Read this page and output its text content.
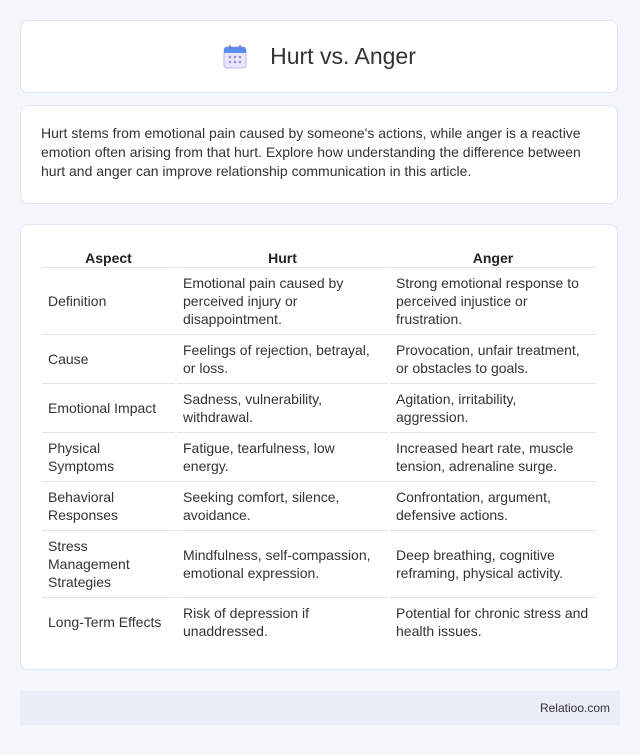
Hurt vs. Anger

Hurt stems from emotional pain caused by someone's actions, while anger is a reactive emotion often arising from that hurt. Explore how understanding the difference between hurt and anger can improve relationship communication in this article.

Aspect	Hurt	Anger
Definition	Emotional pain caused by perceived injury or disappointment.	Strong emotional response to perceived injustice or frustration.
Cause	Feelings of rejection, betrayal, or loss.	Provocation, unfair treatment, or obstacles to goals.
Emotional Impact	Sadness, vulnerability, withdrawal.	Agitation, irritability, aggression.
Physical Symptoms	Fatigue, tearfulness, low energy.	Increased heart rate, muscle tension, adrenaline surge.
Behavioral Responses	Seeking comfort, silence, avoidance.	Confrontation, argument, defensive actions.
Stress Management Strategies	Mindfulness, self-compassion, emotional expression.	Deep breathing, cognitive reframing, physical activity.
Long-Term Effects	Risk of depression if unaddressed.	Potential for chronic stress and health issues.
Relatioo.com
